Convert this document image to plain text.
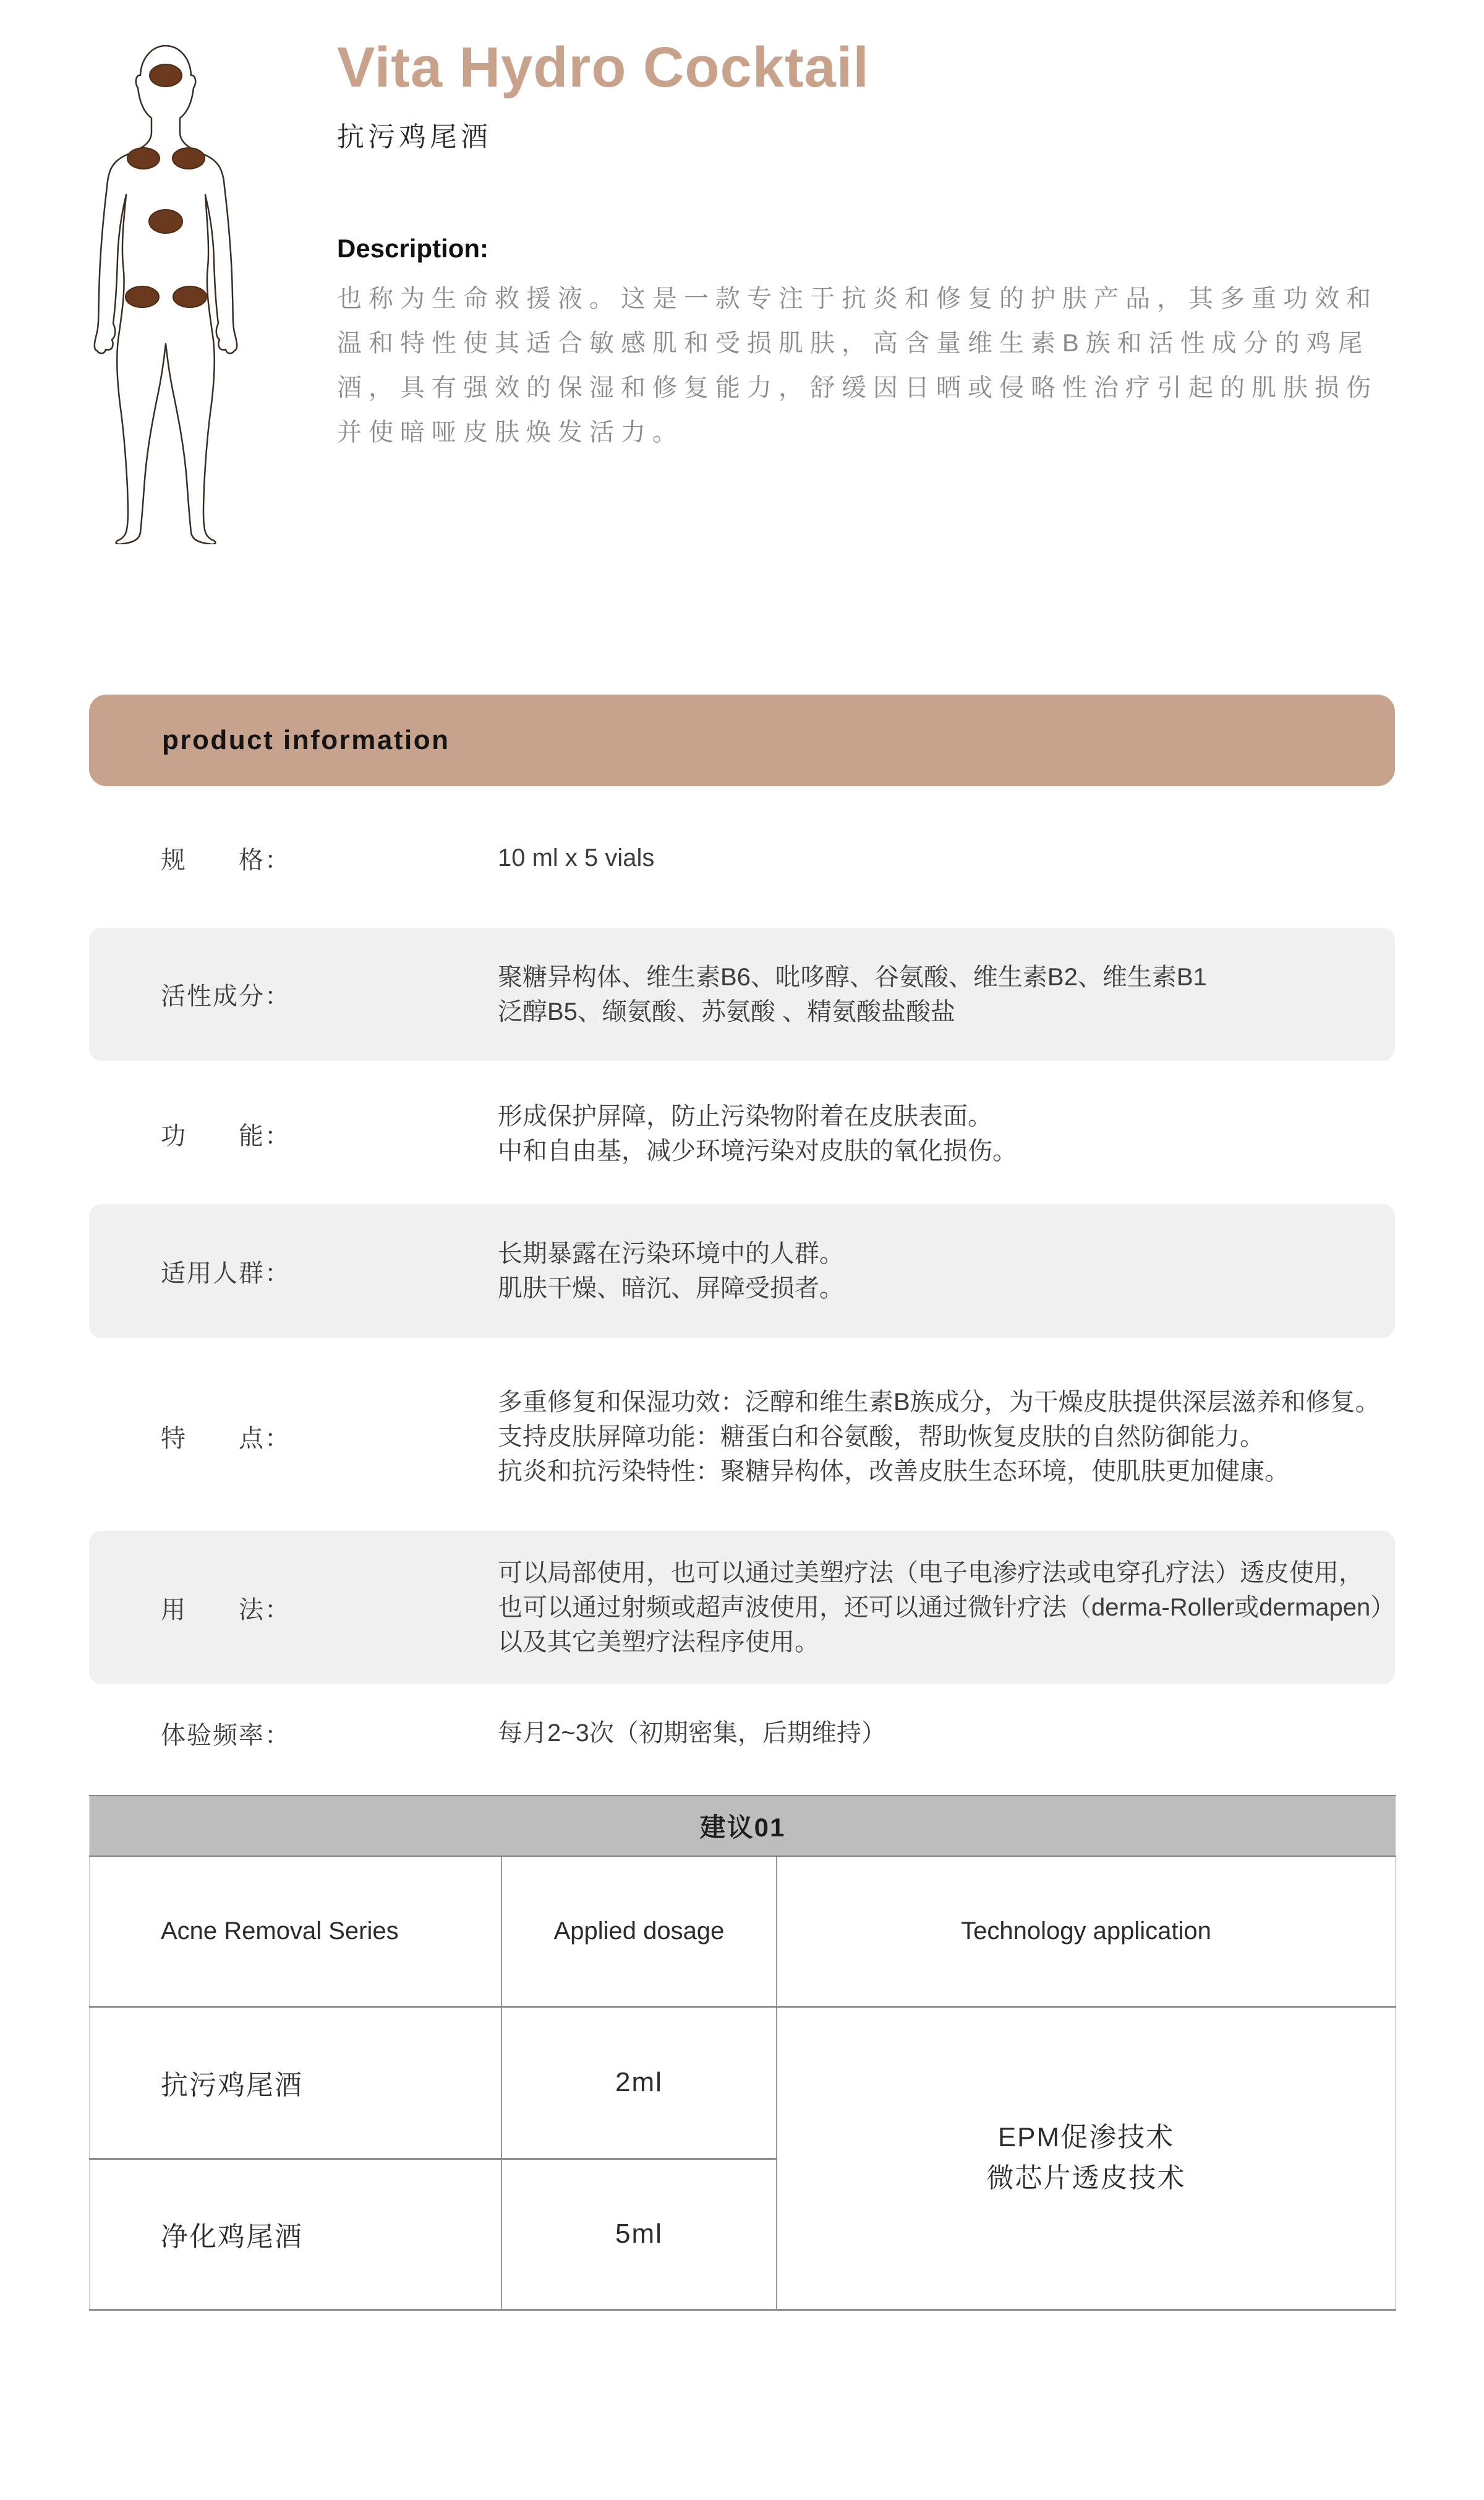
Vita Hydro Cocktail
抗污鸡尾酒
Description:
也称为生命救援液。这是一款专注于抗炎和修复的护肤产品，其多重功效和
温和特性使其适合敏感肌和受损肌肤，高含量维生素B族和活性成分的鸡尾
酒，具有强效的保湿和修复能力，舒缓因日晒或侵略性治疗引起的肌肤损伤
并使暗哑皮肤焕发活力。
product information
规　　格：	10 ml x 5 vials
活性成分：
聚糖异构体、维生素B6、吡哆醇、谷氨酸、维生素B2、维生素B1
泛醇B5、缬氨酸、苏氨酸 、精氨酸盐酸盐
功　　能：
形成保护屏障，防止污染物附着在皮肤表面。
中和自由基，减少环境污染对皮肤的氧化损伤。
适用人群：
长期暴露在污染环境中的人群。
肌肤干燥、暗沉、屏障受损者。
特　　点：
多重修复和保湿功效：泛醇和维生素B族成分，为干燥皮肤提供深层滋养和修复。
支持皮肤屏障功能：糖蛋白和谷氨酸，帮助恢复皮肤的自然防御能力。
抗炎和抗污染特性：聚糖异构体，改善皮肤生态环境，使肌肤更加健康。
用　　法：
可以局部使用，也可以通过美塑疗法（电子电渗疗法或电穿孔疗法）透皮使用，
也可以通过射频或超声波使用，还可以通过微针疗法（derma-Roller或dermapen）
以及其它美塑疗法程序使用。
体验频率：	每月2~3次（初期密集，后期维持）
建议01		
Acne Removal Series	Applied dosage	Technology application
抗污鸡尾酒	2ml	EPM促渗技术
微芯片透皮技术

净化鸡尾酒	5ml	
